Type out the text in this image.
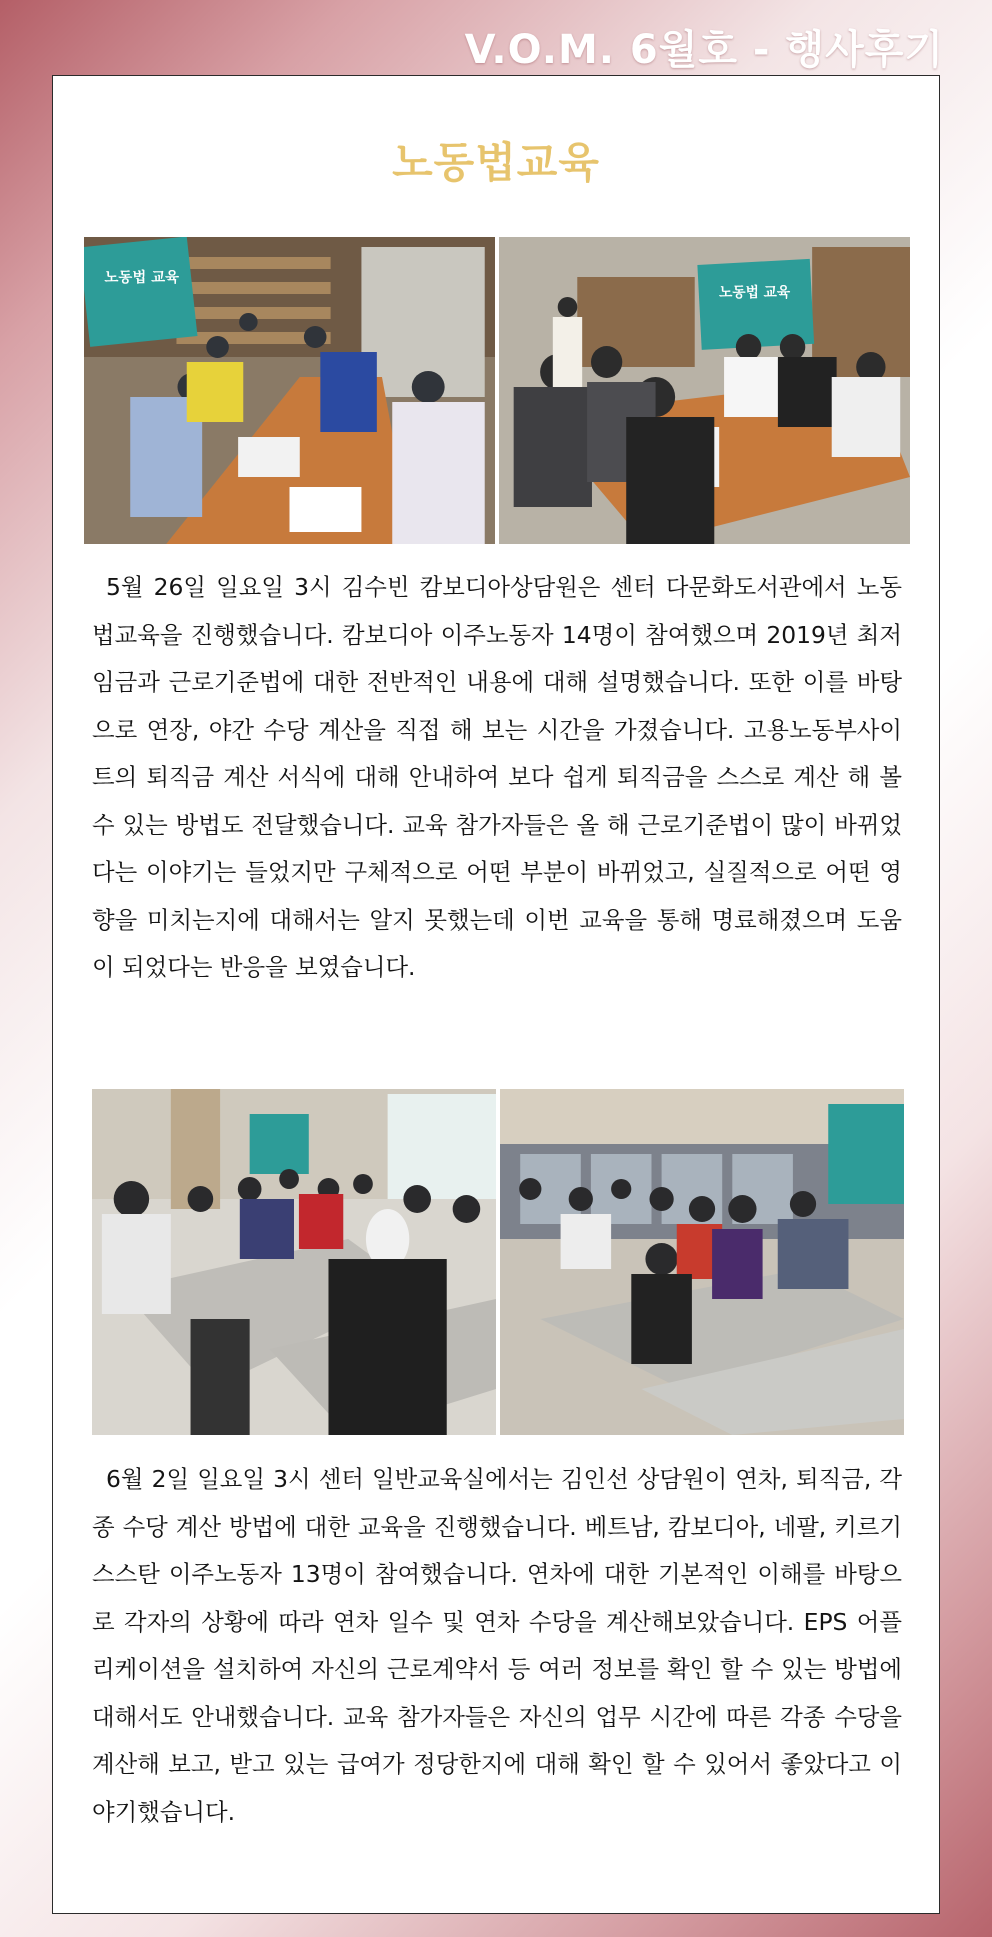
V.O.M. 6월호 - 행사후기
노동법교육
노동법 교육
노동법 교육
5월 26일 일요일 3시 김수빈 캄보디아상담원은 센터 다문화도서관에서 노동법교육을 진행했습니다. 캄보디아 이주노동자 14명이 참여했으며 2019년 최저임금과 근로기준법에 대한 전반적인 내용에 대해 설명했습니다. 또한 이를 바탕으로 연장, 야간 수당 계산을 직접 해 보는 시간을 가졌습니다. 고용노동부사이트의 퇴직금 계산 서식에 대해 안내하여 보다 쉽게 퇴직금을 스스로 계산 해 볼 수 있는 방법도 전달했습니다. 교육 참가자들은 올 해 근로기준법이 많이 바뀌었다는 이야기는 들었지만 구체적으로 어떤 부분이 바뀌었고, 실질적으로 어떤 영향을 미치는지에 대해서는 알지 못했는데 이번 교육을 통해 명료해졌으며 도움이 되었다는 반응을 보였습니다.
6월 2일 일요일 3시 센터 일반교육실에서는 김인선 상담원이 연차, 퇴직금, 각종 수당 계산 방법에 대한 교육을 진행했습니다. 베트남, 캄보디아, 네팔, 키르기스스탄 이주노동자 13명이 참여했습니다. 연차에 대한 기본적인 이해를 바탕으로 각자의 상황에 따라 연차 일수 및 연차 수당을 계산해보았습니다. EPS 어플리케이션을 설치하여 자신의 근로계약서 등 여러 정보를 확인 할 수 있는 방법에 대해서도 안내했습니다. 교육 참가자들은 자신의 업무 시간에 따른 각종 수당을 계산해 보고, 받고 있는 급여가 정당한지에 대해 확인 할 수 있어서 좋았다고 이야기했습니다.
